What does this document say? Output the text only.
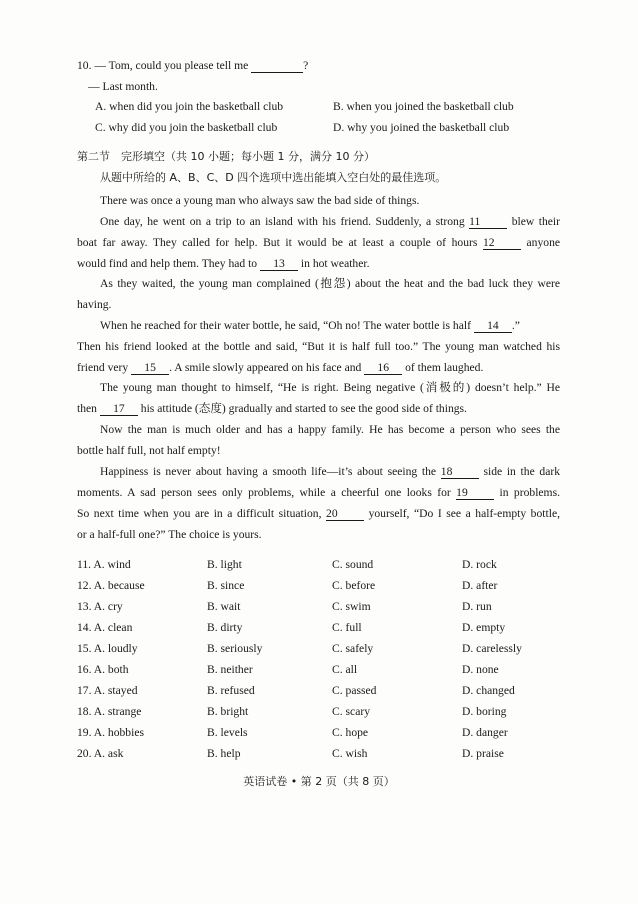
10. — Tom, could you please tell me	?
— Last month.
A. when did you join the basketball club	B. when you joined the basketball club
C. why did you join the basketball club	D. why you joined the basketball club
第二节　完形填空（共 10 小题；每小题 1 分，满分 10 分）
从题中所给的 A、B、C、D 四个选项中选出能填入空白处的最佳选项。
There was once a young man who always saw the bad side of things.
One day, he went on a trip to an island with his friend. Suddenly, a strong 11	blew their
boat far away. They called for help. But it would be at least a couple of hours 12	anyone
would find and help them. They had to 13 in hot weather.
As they waited, the young man complained (抱怨) about the heat and the bad luck they were
having.
When he reached for their water bottle, he said, “Oh no! The water bottle is half 14 .”
Then his friend looked at the bottle and said, “But it is half full too.” The young man watched his
friend very 15 . A smile slowly appeared on his face and 16 of them laughed.
The young man thought to himself, “He is right. Being negative (消极的) doesn’t help.” He
then 17 his attitude (态度) gradually and started to see the good side of things.
Now the man is much older and has a happy family. He has become a person who sees the
bottle half full, not half empty!
Happiness is never about having a smooth life—it’s about seeing the 18	side in the dark
moments. A sad person sees only problems, while a cheerful one looks for 19	in problems.
So next time when you are in a difficult situation, 20	yourself, “Do I see a half-empty bottle,
or a half-full one?” The choice is yours.
11. A. wind	B. light	C. sound	D. rock
12. A. because	B. since	C. before	D. after
13. A. cry	B. wait	C. swim	D. run
14. A. clean	B. dirty	C. full	D. empty
15. A. loudly	B. seriously	C. safely	D. carelessly
16. A. both	B. neither	C. all	D. none
17. A. stayed	B. refused	C. passed	D. changed
18. A. strange	B. bright	C. scary	D. boring
19. A. hobbies	B. levels	C. hope	D. danger
20. A. ask	B. help	C. wish	D. praise
英语试卷 • 第 2 页（共 8 页）
